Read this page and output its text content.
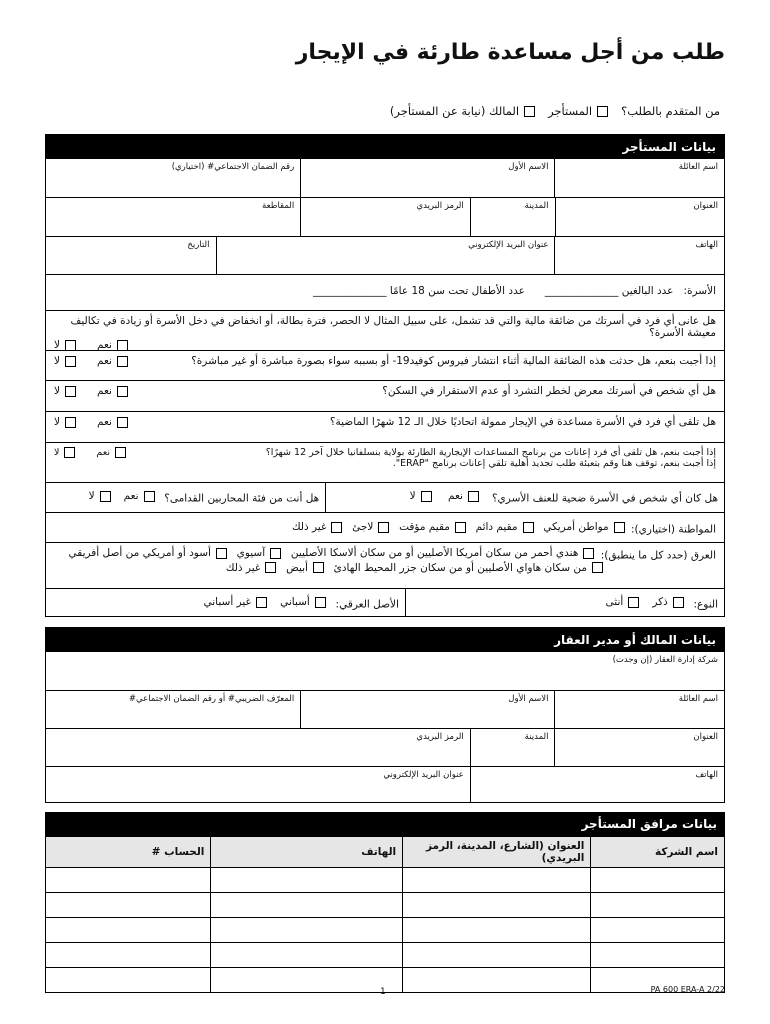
طلب من أجل مساعدة طارئة في الإيجار
من المتقدم بالطلب؟
المستأجر
المالك (نيابة عن المستأجر)
بيانات المستأجر
اسم العائلة
الاسم الأول
رقم الضمان الاجتماعي# (اختياري)
العنوان
المدينة
الرمز البريدي
المقاطعة
الهاتف
عنوان البريد الإلكتروني
التاريخ
الأسرة:   عدد البالغين ______________      عدد الأطفال تحت سن 18 عامًا ______________
هل عانى أي فرد في أسرتك من ضائقة مالية والتي قد تشمل، على سبيل المثال لا الحصر، فترة بطالة، أو انخفاض في دخل الأسرة أو زيادة في تكاليف معيشة الأسرة؟
نعم
لا
إذا أجبت بنعم، هل حدثت هذه الضائقة المالية أثناء انتشار فيروس كوفيد19- أو بسببه سواء بصورة مباشرة أو غير مباشرة؟
نعم
لا
هل أي شخص في أسرتك معرض لخطر التشرد أو عدم الاستقرار في السكن؟
نعم
لا
هل تلقى أي فرد في الأسرة مساعدة في الإيجار ممولة اتحاديًا خلال الـ 12 شهرًا الماضية؟
نعم
لا
إذا أجبت بنعم، هل تلقى أي فرد إعانات من برنامج المساعدات الإيجارية الطارئة بولاية بنسلفانيا خلال آخر 12 شهرًا؟
نعم
لا
إذا أجبت بنعم، توقف هنا وقم بتعبئة طلب تجديد أهلية تلقي إعانات برنامج "ERAP".
هل كان أي شخص في الأسرة ضحية للعنف الأسري؟
نعم

لا
هل أنت من فئة المحاربين القدامى؟
نعم

لا
المواطنة (اختياري):
مواطن أمريكي

مقيم دائم

مقيم مؤقت

لاجئ

غير ذلك
العرق (حدد كل ما ينطبق):
هندي أحمر من سكان أمريكا الأصليين أو من سكان ألاسكا الأصليين

آسيوي

أسود أو أمريكي من أصل أفريقي
من سكان هاواي الأصليين أو من سكان جزر المحيط الهادئ

أبيض

غير ذلك
النوع:
ذكر

أنثى
الأصل العرقي:
أسباني

غير أسباني
بيانات المالك أو مدير العقار
شركة إدارة العقار (إن وجدت)
اسم العائلة
الاسم الأول
المعرّف الضريبي# أو رقم الضمان الاجتماعي#
العنوان
المدينة
الرمز البريدي
الهاتف
عنوان البريد الإلكتروني
بيانات مرافق المستأجر
اسم الشركة	العنوان (الشارع، المدينة، الرمز البريدي)	الهاتف	الحساب #

1	PA 600 ERA-A 2/22
